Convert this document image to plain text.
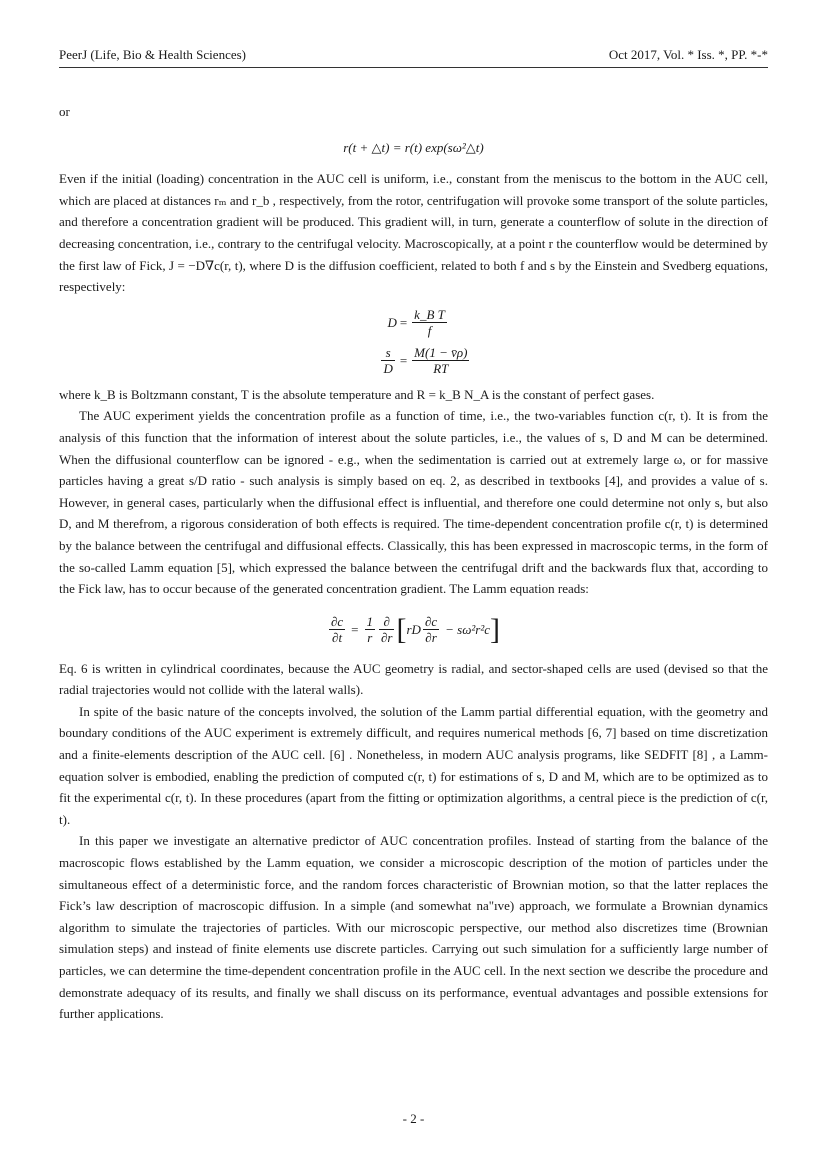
PeerJ (Life, Bio & Health Sciences)	Oct 2017, Vol. * Iss. *, PP. *-*

or

r(t + △t) = r(t) exp(sω²△t)

Even if the initial (loading) concentration in the AUC cell is uniform, i.e., constant from the meniscus to the bottom in the AUC cell, which are placed at distances rₘ and r_b , respectively, from the rotor, centrifugation will provoke some transport of the solute particles, and therefore a concentration gradient will be produced. This gradient will, in turn, generate a counterflow of solute in the direction of decreasing concentration, i.e., contrary to the centrifugal velocity. Macroscopically, at a point r the counterflow would be determined by the first law of Fick, J = −D∇c(r, t), where D is the diffusion coefficient, related to both f and s by the Einstein and Svedberg equations, respectively:

$D = \frac{\text{k\_B T}}{f}$
$\frac{s}{D} = \frac{M(1 - v̄\rho)}{RT}$

where k_B is Boltzmann constant, T is the absolute temperature and R = k_B N_A is the constant of perfect gases.

The AUC experiment yields the concentration profile as a function of time, i.e., the two-variables function c(r, t). It is from the analysis of this function that the information of interest about the solute particles, i.e., the values of s, D and M can be determined. When the diffusional counterflow can be ignored - e.g., when the sedimentation is carried out at extremely large ω, or for massive particles having a great s/D ratio - such analysis is simply based on eq. 2, as described in textbooks [4], and provides a value of s. However, in general cases, particularly when the diffusional effect is influential, and therefore one could determine not only s, but also D, and M therefrom, a rigorous consideration of both effects is required. The time-dependent concentration profile c(r, t) is determined by the balance between the centrifugal and diffusional effects. Classically, this has been expressed in macroscopic terms, in the form of the so-called Lamm equation [5], which expressed the balance between the centrifugal drift and the backwards flux that, according to the Fick law, has to occur because of the generated concentration gradient. The Lamm equation reads:

$\frac{\partial c}{\partial t} = \frac{1}{r} \frac{\partial}{\partial r}$ [ rD $\frac{\partial c}{\partial r} - s\omega^2r^2c$ ]

Eq. 6 is written in cylindrical coordinates, because the AUC geometry is radial, and sector-shaped cells are used (devised so that the radial trajectories would not collide with the lateral walls).

In spite of the basic nature of the concepts involved, the solution of the Lamm partial differential equation, with the geometry and boundary conditions of the AUC experiment is extremely difficult, and requires numerical methods [6, 7] based on time discretization and a finite-elements description of the AUC cell. [6] . Nonetheless, in modern AUC analysis programs, like SEDFIT [8] , a Lamm-equation solver is embodied, enabling the prediction of computed c(r, t) for estimations of s, D and M, which are to be optimized as to fit the experimental c(r, t). In these procedures (apart from the fitting or optimization algorithms, a central piece is the prediction of c(r, t).

In this paper we investigate an alternative predictor of AUC concentration profiles. Instead of starting from the balance of the macroscopic flows established by the Lamm equation, we consider a microscopic description of the motion of particles under the simultaneous effect of a deterministic force, and the random forces characteristic of Brownian motion, so that the latter replaces the Fick’s law description of macroscopic diffusion. In a simple (and somewhat na"ıve) approach, we formulate a Brownian dynamics algorithm to simulate the trajectories of particles. With our microscopic perspective, our method also discretizes time (Brownian simulation steps) and instead of finite elements use discrete particles. Carrying out such simulation for a sufficiently large number of particles, we can determine the time-dependent concentration profile in the AUC cell. In the next section we describe the procedure and demonstrate adequacy of its results, and finally we shall discuss on its performance, eventual advantages and possible extensions for further applications.

- 2 -
